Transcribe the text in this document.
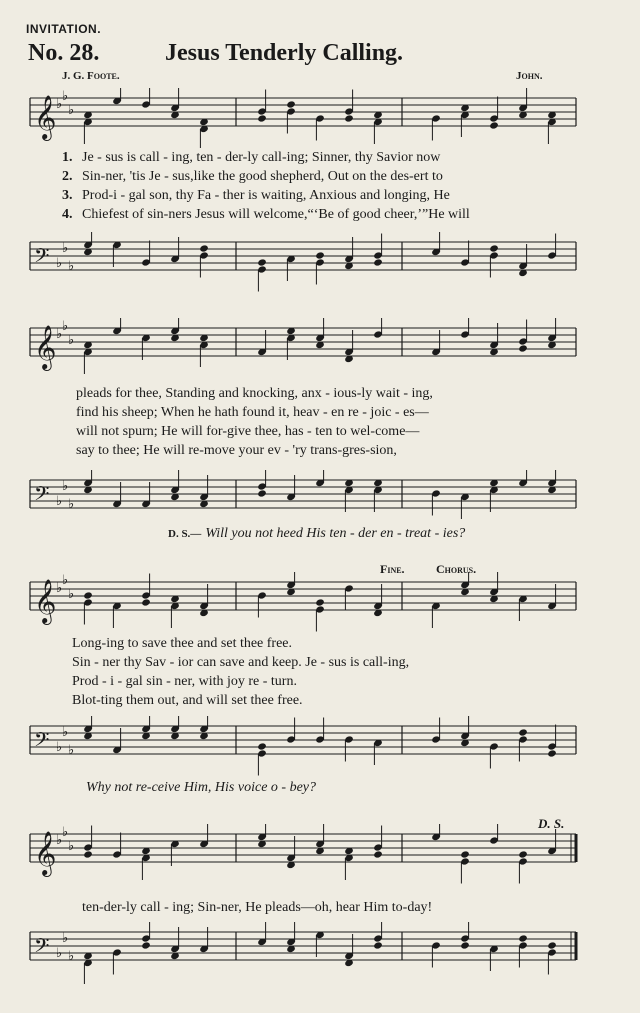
INVITATION.
No. 28.	Jesus Tenderly Calling.
J. G. Foote.	John.
𝄞 ♭
♭
♭
1. Je - sus is call - ing, ten - der-ly call-ing; Sinner, thy Savior now
2. Sin-ner, 'tis Je - sus,like the good shepherd, Out on the des-ert to
3. Prod-i - gal son, thy Fa - ther is waiting, Anxious and longing, He
4. Chiefest of sin-ners Jesus will welcome,“‘Be of good cheer,’”He will
𝄢 ♭
♭
♭
𝄞 ♭
♭
♭
pleads for thee, Standing and knocking, anx - ious-ly wait - ing,
find his sheep; When he hath found it, heav - en re - joic - es—
will not spurn; He will for-give thee, has - ten to wel-come—
say to thee; He will re-move your ev - 'ry trans-gres-sion,
𝄢 ♭
♭
♭
D. S.— Will you not heed His ten - der en - treat - ies?
Fine.	Chorus.
𝄞 ♭
♭
♭
Long-ing to save thee and set thee free.
Sin - ner thy Sav - ior can save and keep. Je - sus is call-ing,
Prod - i - gal sin - ner, with joy re - turn.
Blot-ting them out, and will set thee free.
𝄢 ♭
♭
♭
Why not re-ceive Him, His voice o - bey?
D. S.
𝄞 ♭
♭
♭
ten-der-ly call - ing; Sin-ner, He pleads—oh, hear Him to-day!
𝄢 ♭
♭
♭
